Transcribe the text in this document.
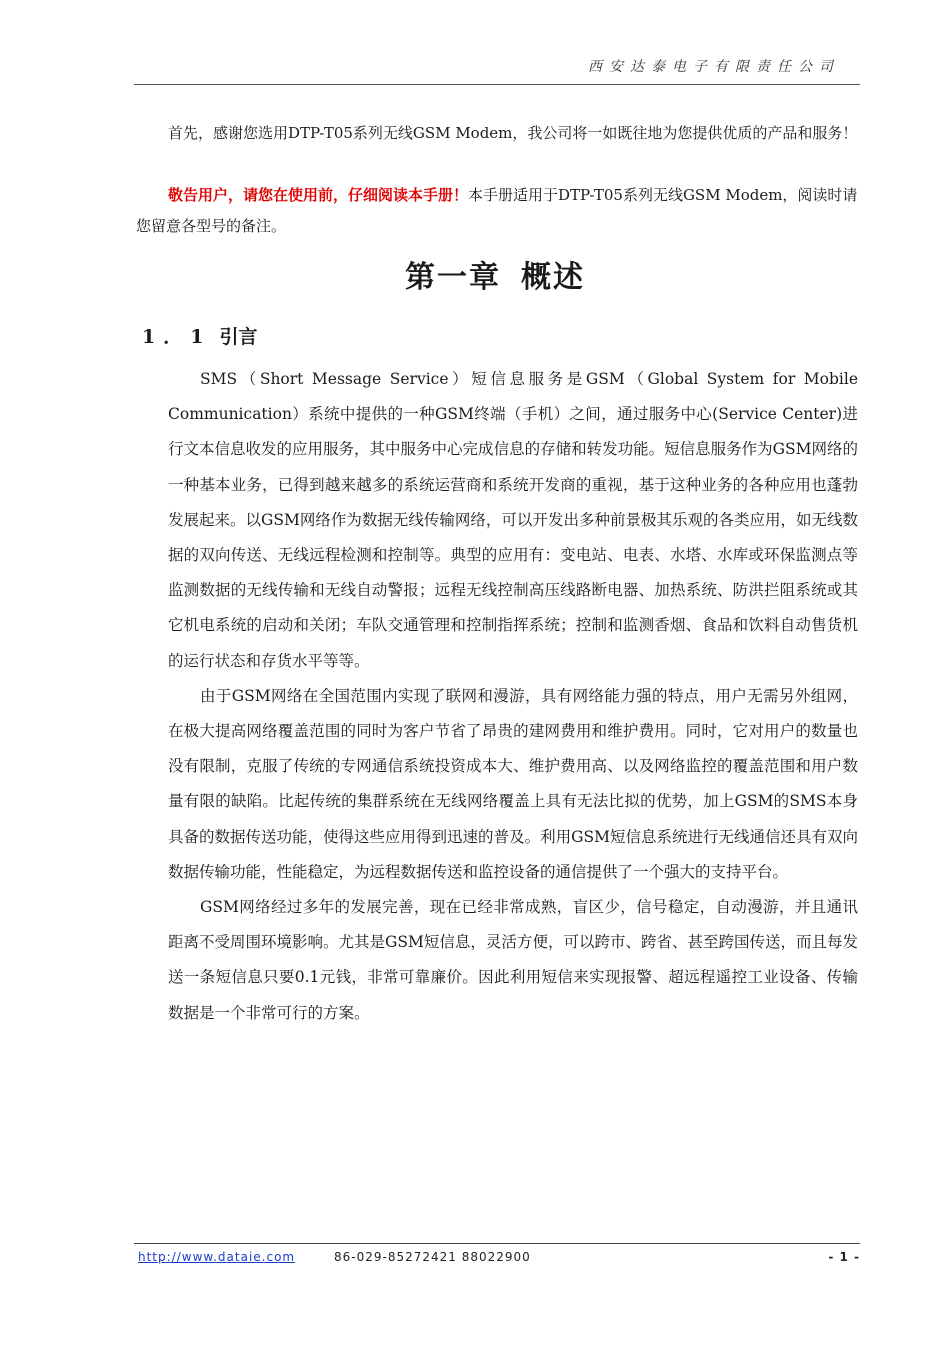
西安达泰电子有限责任公司
首先，感谢您选用DTP-T05系列无线GSM Modem，我公司将一如既往地为您提供优质的产品和服务！
敬告用户，请您在使用前，仔细阅读本手册！本手册适用于DTP-T05系列无线GSM Modem，阅读时请您留意各型号的备注。
第一章 概述
1．1 引言

SMS（Short Message Service）短信息服务是GSM（Global System for Mobile Communication）系统中提供的一种GSM终端（手机）之间，通过服务中心(Service Center)进行文本信息收发的应用服务，其中服务中心完成信息的存储和转发功能。短信息服务作为GSM网络的一种基本业务，已得到越来越多的系统运营商和系统开发商的重视，基于这种业务的各种应用也蓬勃发展起来。以GSM网络作为数据无线传输网络，可以开发出多种前景极其乐观的各类应用，如无线数据的双向传送、无线远程检测和控制等。典型的应用有：变电站、电表、水塔、水库或环保监测点等监测数据的无线传输和无线自动警报；远程无线控制高压线路断电器、加热系统、防洪拦阻系统或其它机电系统的启动和关闭；车队交通管理和控制指挥系统；控制和监测香烟、食品和饮料自动售货机的运行状态和存货水平等等。

由于GSM网络在全国范围内实现了联网和漫游，具有网络能力强的特点，用户无需另外组网，在极大提高网络覆盖范围的同时为客户节省了昂贵的建网费用和维护费用。同时，它对用户的数量也没有限制，克服了传统的专网通信系统投资成本大、维护费用高、以及网络监控的覆盖范围和用户数量有限的缺陷。比起传统的集群系统在无线网络覆盖上具有无法比拟的优势，加上GSM的SMS本身具备的数据传送功能，使得这些应用得到迅速的普及。利用GSM短信息系统进行无线通信还具有双向数据传输功能，性能稳定，为远程数据传送和监控设备的通信提供了一个强大的支持平台。

GSM网络经过多年的发展完善，现在已经非常成熟，盲区少，信号稳定，自动漫游，并且通讯距离不受周围环境影响。尤其是GSM短信息，灵活方便，可以跨市、跨省、甚至跨国传送，而且每发送一条短信息只要0.1元钱，非常可靠廉价。因此利用短信来实现报警、超远程遥控工业设备、传输数据是一个非常可行的方案。

http://www.dataie.com	86-029-85272421 88022900	- 1 -
